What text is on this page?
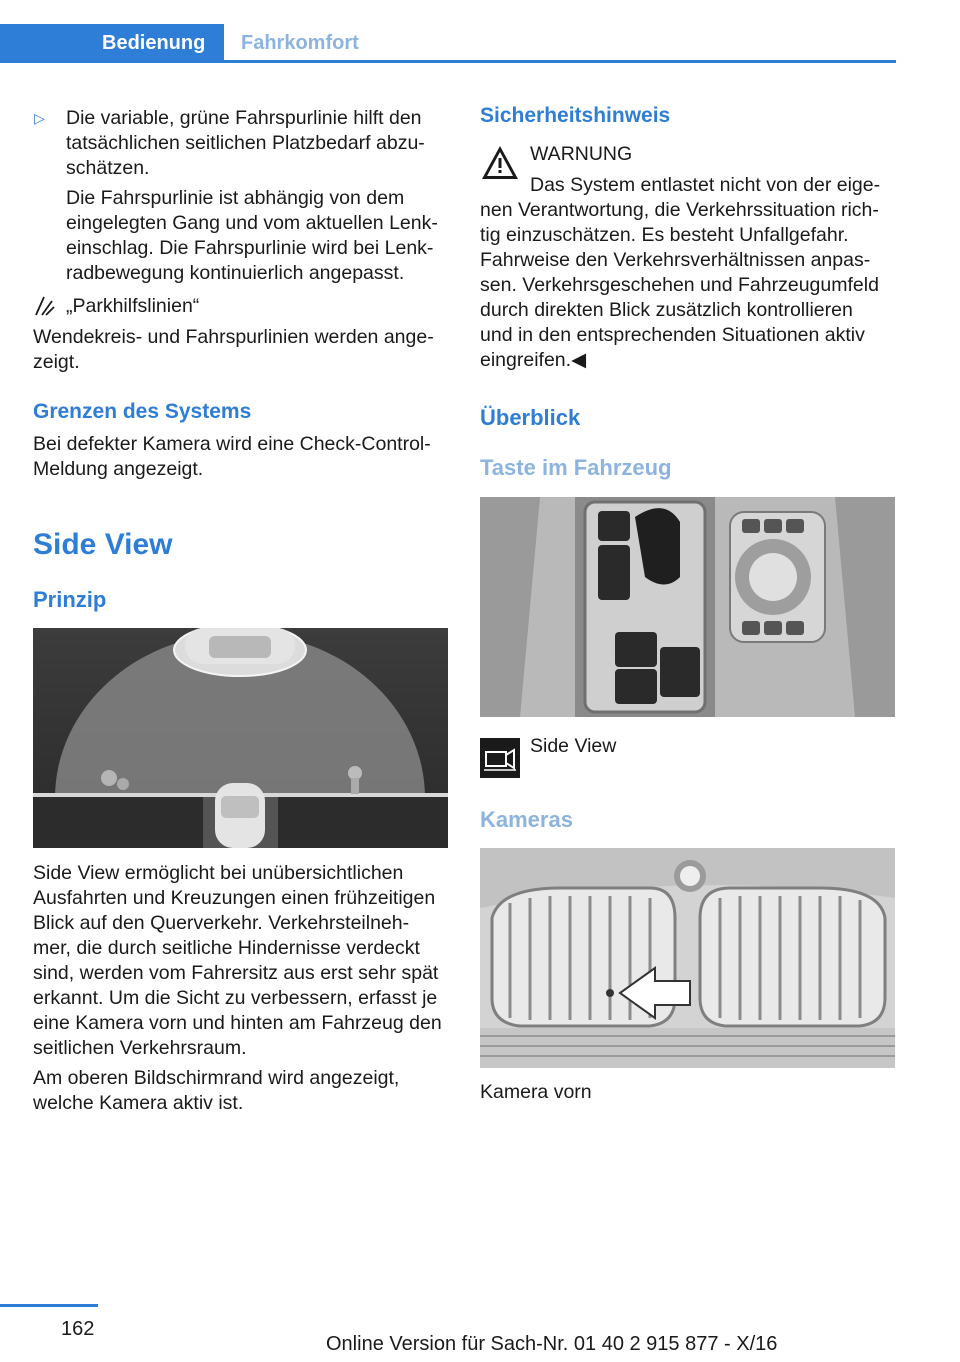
Bedienung	Fahrkomfort
▷ Die variable, grüne Fahrspurlinie hilft den
tatsächlichen seitlichen Platzbedarf abzu‐
schätzen.
Die Fahrspurlinie ist abhängig von dem
eingelegten Gang und vom aktuellen Lenk‐
einschlag. Die Fahrspurlinie wird bei Lenk‐
radbewegung kontinuierlich angepasst.
„Parkhilfslinien“
Wendekreis- und Fahrspurlinien werden ange‐
zeigt.
Grenzen des Systems
Bei defekter Kamera wird eine Check-Control-
Meldung angezeigt.
Side View
Prinzip
Side View ermöglicht bei unübersichtlichen
Ausfahrten und Kreuzungen einen frühzeitigen
Blick auf den Querverkehr. Verkehrsteilneh‐
mer, die durch seitliche Hindernisse verdeckt
sind, werden vom Fahrersitz aus erst sehr spät
erkannt. Um die Sicht zu verbessern, erfasst je
eine Kamera vorn und hinten am Fahrzeug den
seitlichen Verkehrsraum.
Am oberen Bildschirmrand wird angezeigt,
welche Kamera aktiv ist.
Sicherheitshinweis
WARNUNG
Das System entlastet nicht von der eige‐
nen Verantwortung, die Verkehrssituation rich‐
tig einzuschätzen. Es besteht Unfallgefahr.
Fahrweise den Verkehrsverhältnissen anpas‐
sen. Verkehrsgeschehen und Fahrzeugumfeld
durch direkten Blick zusätzlich kontrollieren
und in den entsprechenden Situationen aktiv
eingreifen.◀
Überblick
Taste im Fahrzeug
Side View
Kameras
Kamera vorn
162
Online Version für Sach-Nr. 01 40 2 915 877 - X/16
